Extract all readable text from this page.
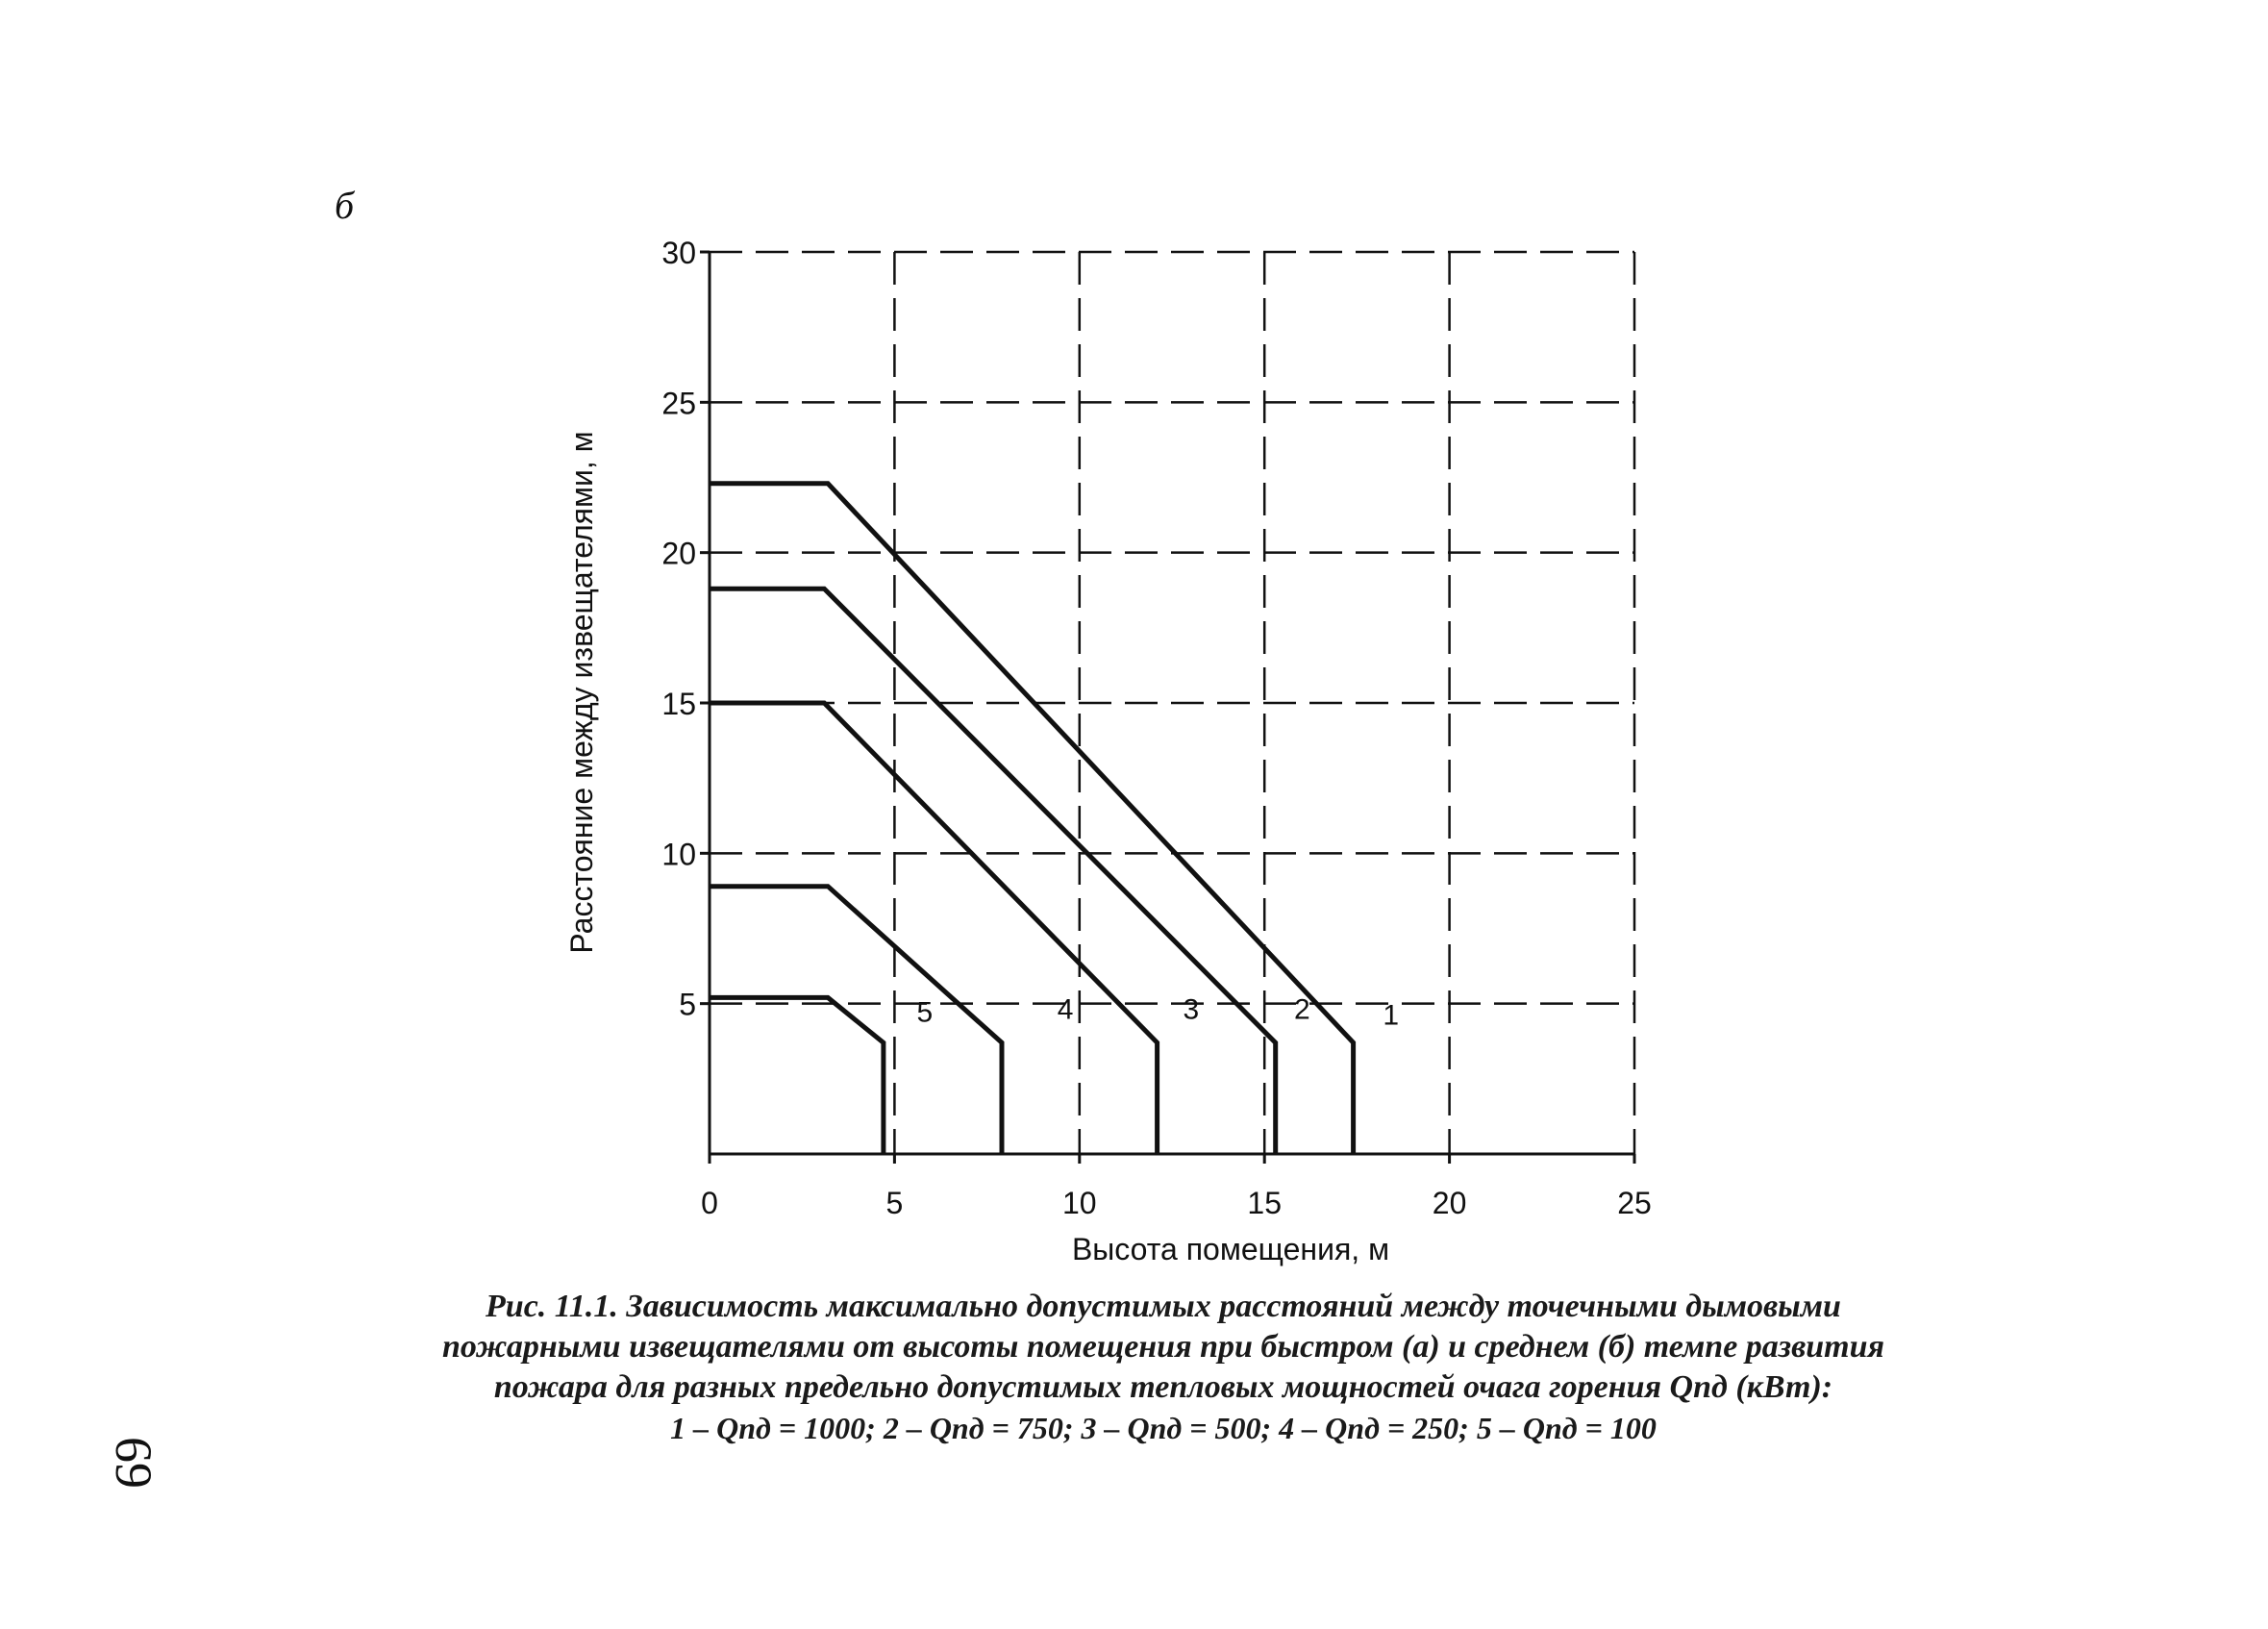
б
0	5	10	15	20	25
5
10
15
20
25
30
1
2
3
4
5
Высота помещения, м
Расстояние между извещателями, м
Рис. 11.1. Зависимость максимально допустимых расстояний между точечными дымовыми
пожарными извещателями от высоты помещения при быстром (а) и среднем (б) темпе развития
пожара для разных предельно допустимых тепловых мощностей очага горения Qпд (кВт):
1 – Qпд = 1000; 2 – Qпд = 750; 3 – Qпд = 500; 4 – Qпд = 250; 5 – Qпд = 100
69
